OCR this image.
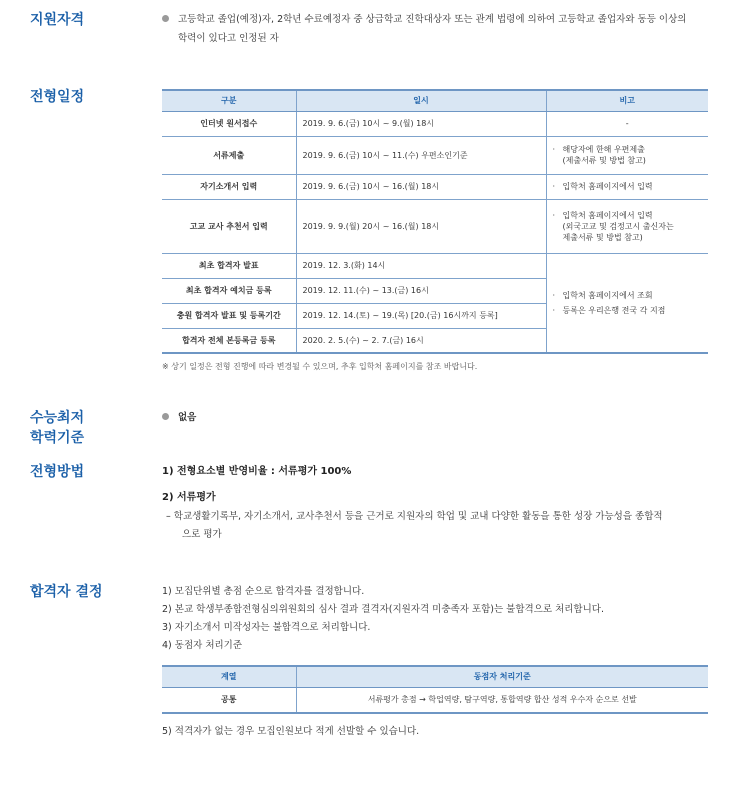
지원자격	고등학교 졸업(예정)자, 2학년 수료예정자 중 상급학교 진학대상자 또는 관계 법령에 의하여 고등학교 졸업자와 동등 이상의
학력이 있다고 인정된 자
전형일정	구분	일시	비고
인터넷 원서접수	2019. 9. 6.(금) 10시 ~ 9.(월) 18시	-
서류제출	2019. 9. 6.(금) 10시 ~ 11.(수) 우편소인기준	· 해당자에 한해 우편제출
(제출서류 및 방법 참고)

자기소개서 입력	2019. 9. 6.(금) 10시 ~ 16.(월) 18시	· 입학처 홈페이지에서 입력

고교 교사 추천서 입력	2019. 9. 9.(월) 20시 ~ 16.(월) 18시	· 입학처 홈페이지에서 입력
(외국고교 및 검정고시 출신자는
제출서류 및 방법 참고)

최초 합격자 발표	2019. 12. 3.(화) 14시	· 입학처 홈페이지에서 조회
· 등록은 우리은행 전국 각 지점

최초 합격자 예치금 등록	2019. 12. 11.(수) ~ 13.(금) 16시	
충원 합격자 발표 및 등록기간	2019. 12. 14.(토) ~ 19.(목) [20.(금) 16시까지 등록]	
합격자 전체 본등록금 등록	2020. 2. 5.(수) ~ 2. 7.(금) 16시	
※ 상기 일정은 전형 진행에 따라 변경될 수 있으며, 추후 입학처 홈페이지를 참조 바랍니다.
수능최저
학력기준
없음
전형방법	1) 전형요소별 반영비율 : 서류평가 100%
2) 서류평가
– 학교생활기록부, 자기소개서, 교사추천서 등을 근거로 지원자의 학업 및 교내 다양한 활동을 통한 성장 가능성을 종합적
으로 평가
합격자 결정	1) 모집단위별 총점 순으로 합격자를 결정합니다.
2) 본교 학생부종합전형심의위원회의 심사 결과 결격자(지원자격 미충족자 포함)는 불합격으로 처리합니다.
3) 자기소개서 미작성자는 불합격으로 처리합니다.
4) 동점자 처리기준
계열	동점자 처리기준
공통	서류평가 총점 → 학업역량, 탐구역량, 통합역량 합산 성적 우수자 순으로 선발
5) 적격자가 없는 경우 모집인원보다 적게 선발할 수 있습니다.
